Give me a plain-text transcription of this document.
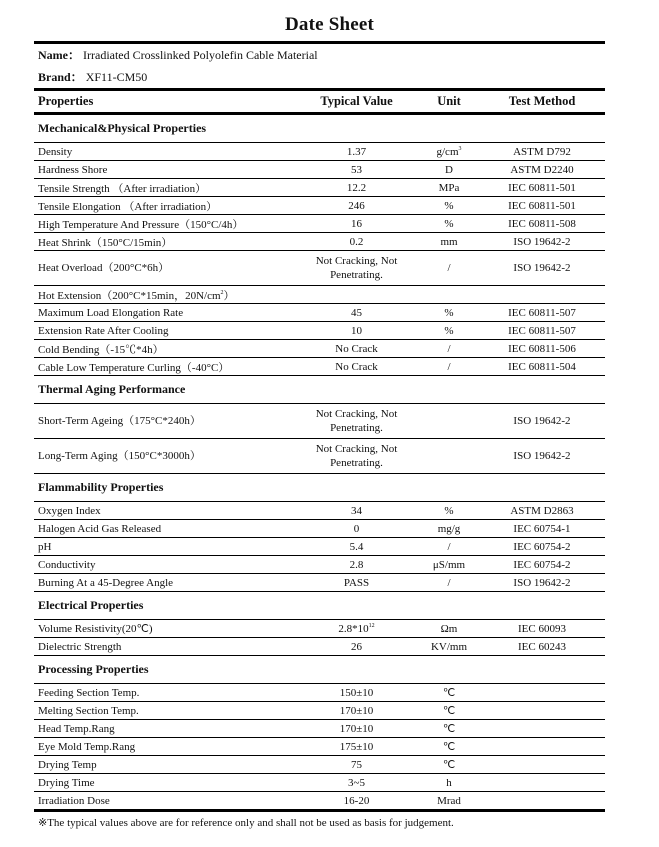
Date Sheet
Name： Irradiated Crosslinked Polyolefin Cable Material
Brand： XF11-CM50
Properties	Typical Value	Unit	Test Method
Mechanical&Physical Properties			
Density	1.37	$g/cm^3$	ASTM D792
Hardness Shore	53	D	ASTM D2240
Tensile Strength （After irradiation）	12.2	MPa	IEC 60811-501
Tensile Elongation （After irradiation）	246	%	IEC 60811-501
High Temperature And Pressure（150°C/4h）	16	%	IEC 60811-508
Heat Shrink（150°C/15min）	0.2	mm	ISO 19642-2
Heat Overload（200°C*6h）	Not Cracking, Not
Penetrating.	/	ISO 19642-2
Hot Extension（200°C*15min，$20N/cm^2$）			
Maximum Load Elongation Rate	45	%	IEC 60811-507
Extension Rate After Cooling	10	%	IEC 60811-507
Cold Bending（-15℃*4h）	No Crack	/	IEC 60811-506
Cable Low Temperature Curling（-40°C）	No Crack	/	IEC 60811-504
Thermal Aging Performance			
Short-Term Ageing（175°C*240h）	Not Cracking, Not
Penetrating.		ISO 19642-2
Long-Term Aging（150°C*3000h）	Not Cracking, Not
Penetrating.		ISO 19642-2
Flammability Properties			
Oxygen Index	34	%	ASTM D2863
Halogen Acid Gas Released	0	mg/g	IEC 60754-1
pH	5.4	/	IEC 60754-2
Conductivity	2.8	μS/mm	IEC 60754-2
Burning At a 45-Degree Angle	PASS	/	ISO 19642-2
Electrical Properties			
Volume Resistivity(20℃)	$2.8*10^{12}$	Ωm	IEC 60093
Dielectric Strength	26	KV/mm	IEC 60243
Processing Properties			
Feeding Section Temp.	150±10	℃	
Melting Section Temp.	170±10	℃	
Head Temp.Rang	170±10	℃	
Eye Mold Temp.Rang	175±10	℃	
Drying Temp	75	℃	
Drying Time	3~5	h	
Irradiation Dose	16-20	Mrad	
※The typical values above are for reference only and shall not be used as basis for judgement.
